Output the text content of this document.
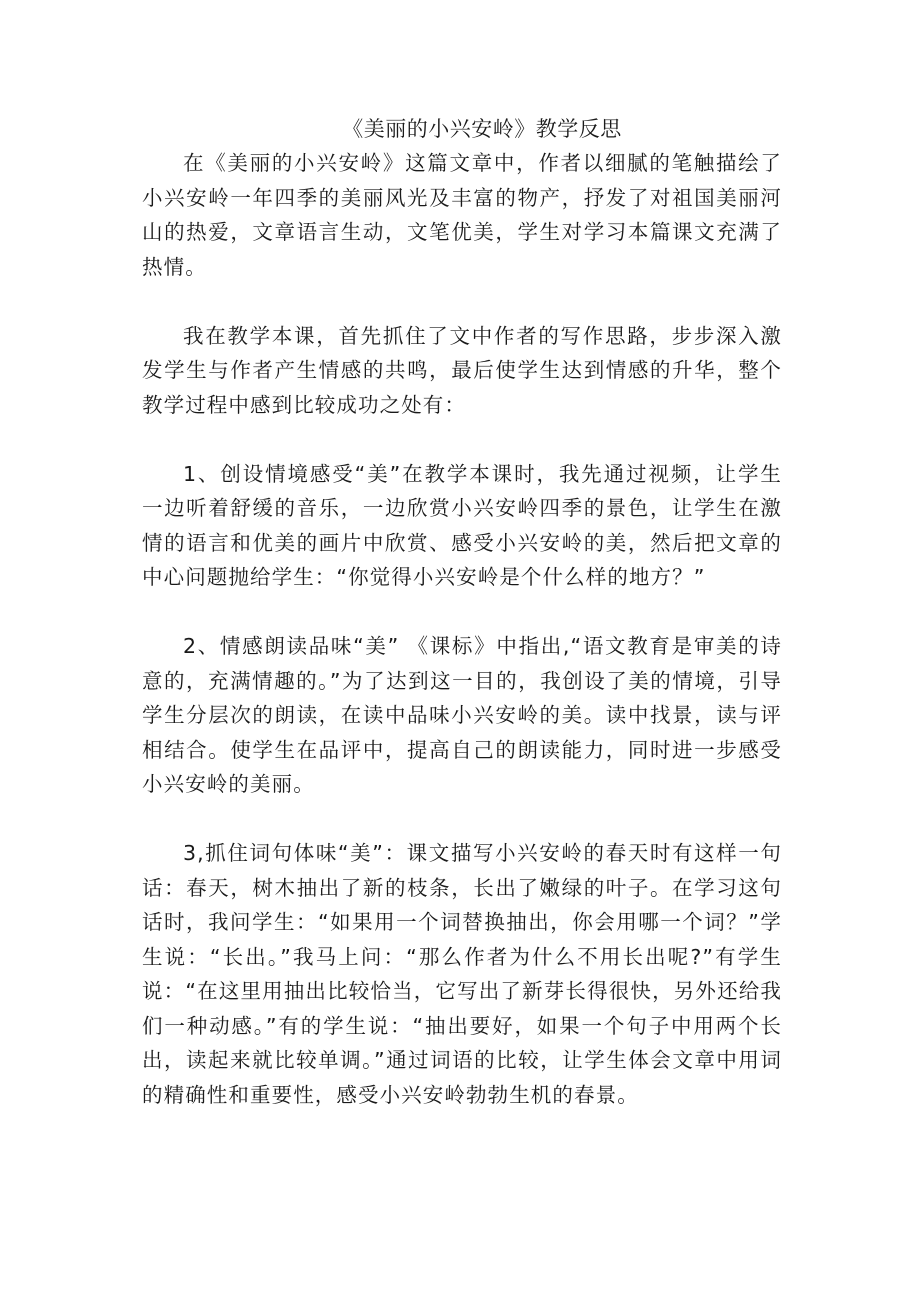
《美丽的小兴安岭》教学反思

在《美丽的小兴安岭》这篇文章中，作者以细腻的笔触描绘了小兴安岭一年四季的美丽风光及丰富的物产，抒发了对祖国美丽河山的热爱，文章语言生动，文笔优美，学生对学习本篇课文充满了热情。

我在教学本课，首先抓住了文中作者的写作思路，步步深入激发学生与作者产生情感的共鸣，最后使学生达到情感的升华，整个教学过程中感到比较成功之处有：

1、创设情境感受“美”在教学本课时，我先通过视频，让学生一边听着舒缓的音乐，一边欣赏小兴安岭四季的景色，让学生在激情的语言和优美的画片中欣赏、感受小兴安岭的美，然后把文章的中心问题抛给学生：“你觉得小兴安岭是个什么样的地方？”

2、情感朗读品味“美” 《课标》中指出,“语文教育是审美的诗意的，充满情趣的。”为了达到这一目的，我创设了美的情境，引导学生分层次的朗读，在读中品味小兴安岭的美。读中找景，读与评相结合。使学生在品评中，提高自己的朗读能力，同时进一步感受小兴安岭的美丽。

3,抓住词句体味“美”：课文描写小兴安岭的春天时有这样一句话：春天，树木抽出了新的枝条，长出了嫩绿的叶子。在学习这句话时，我问学生：“如果用一个词替换抽出，你会用哪一个词？”学生说：“长出。”我马上问：“那么作者为什么不用长出呢?”有学生说：“在这里用抽出比较恰当，它写出了新芽长得很快，另外还给我们一种动感。”有的学生说：“抽出要好，如果一个句子中用两个长出，读起来就比较单调。”通过词语的比较，让学生体会文章中用词的精确性和重要性，感受小兴安岭勃勃生机的春景。
